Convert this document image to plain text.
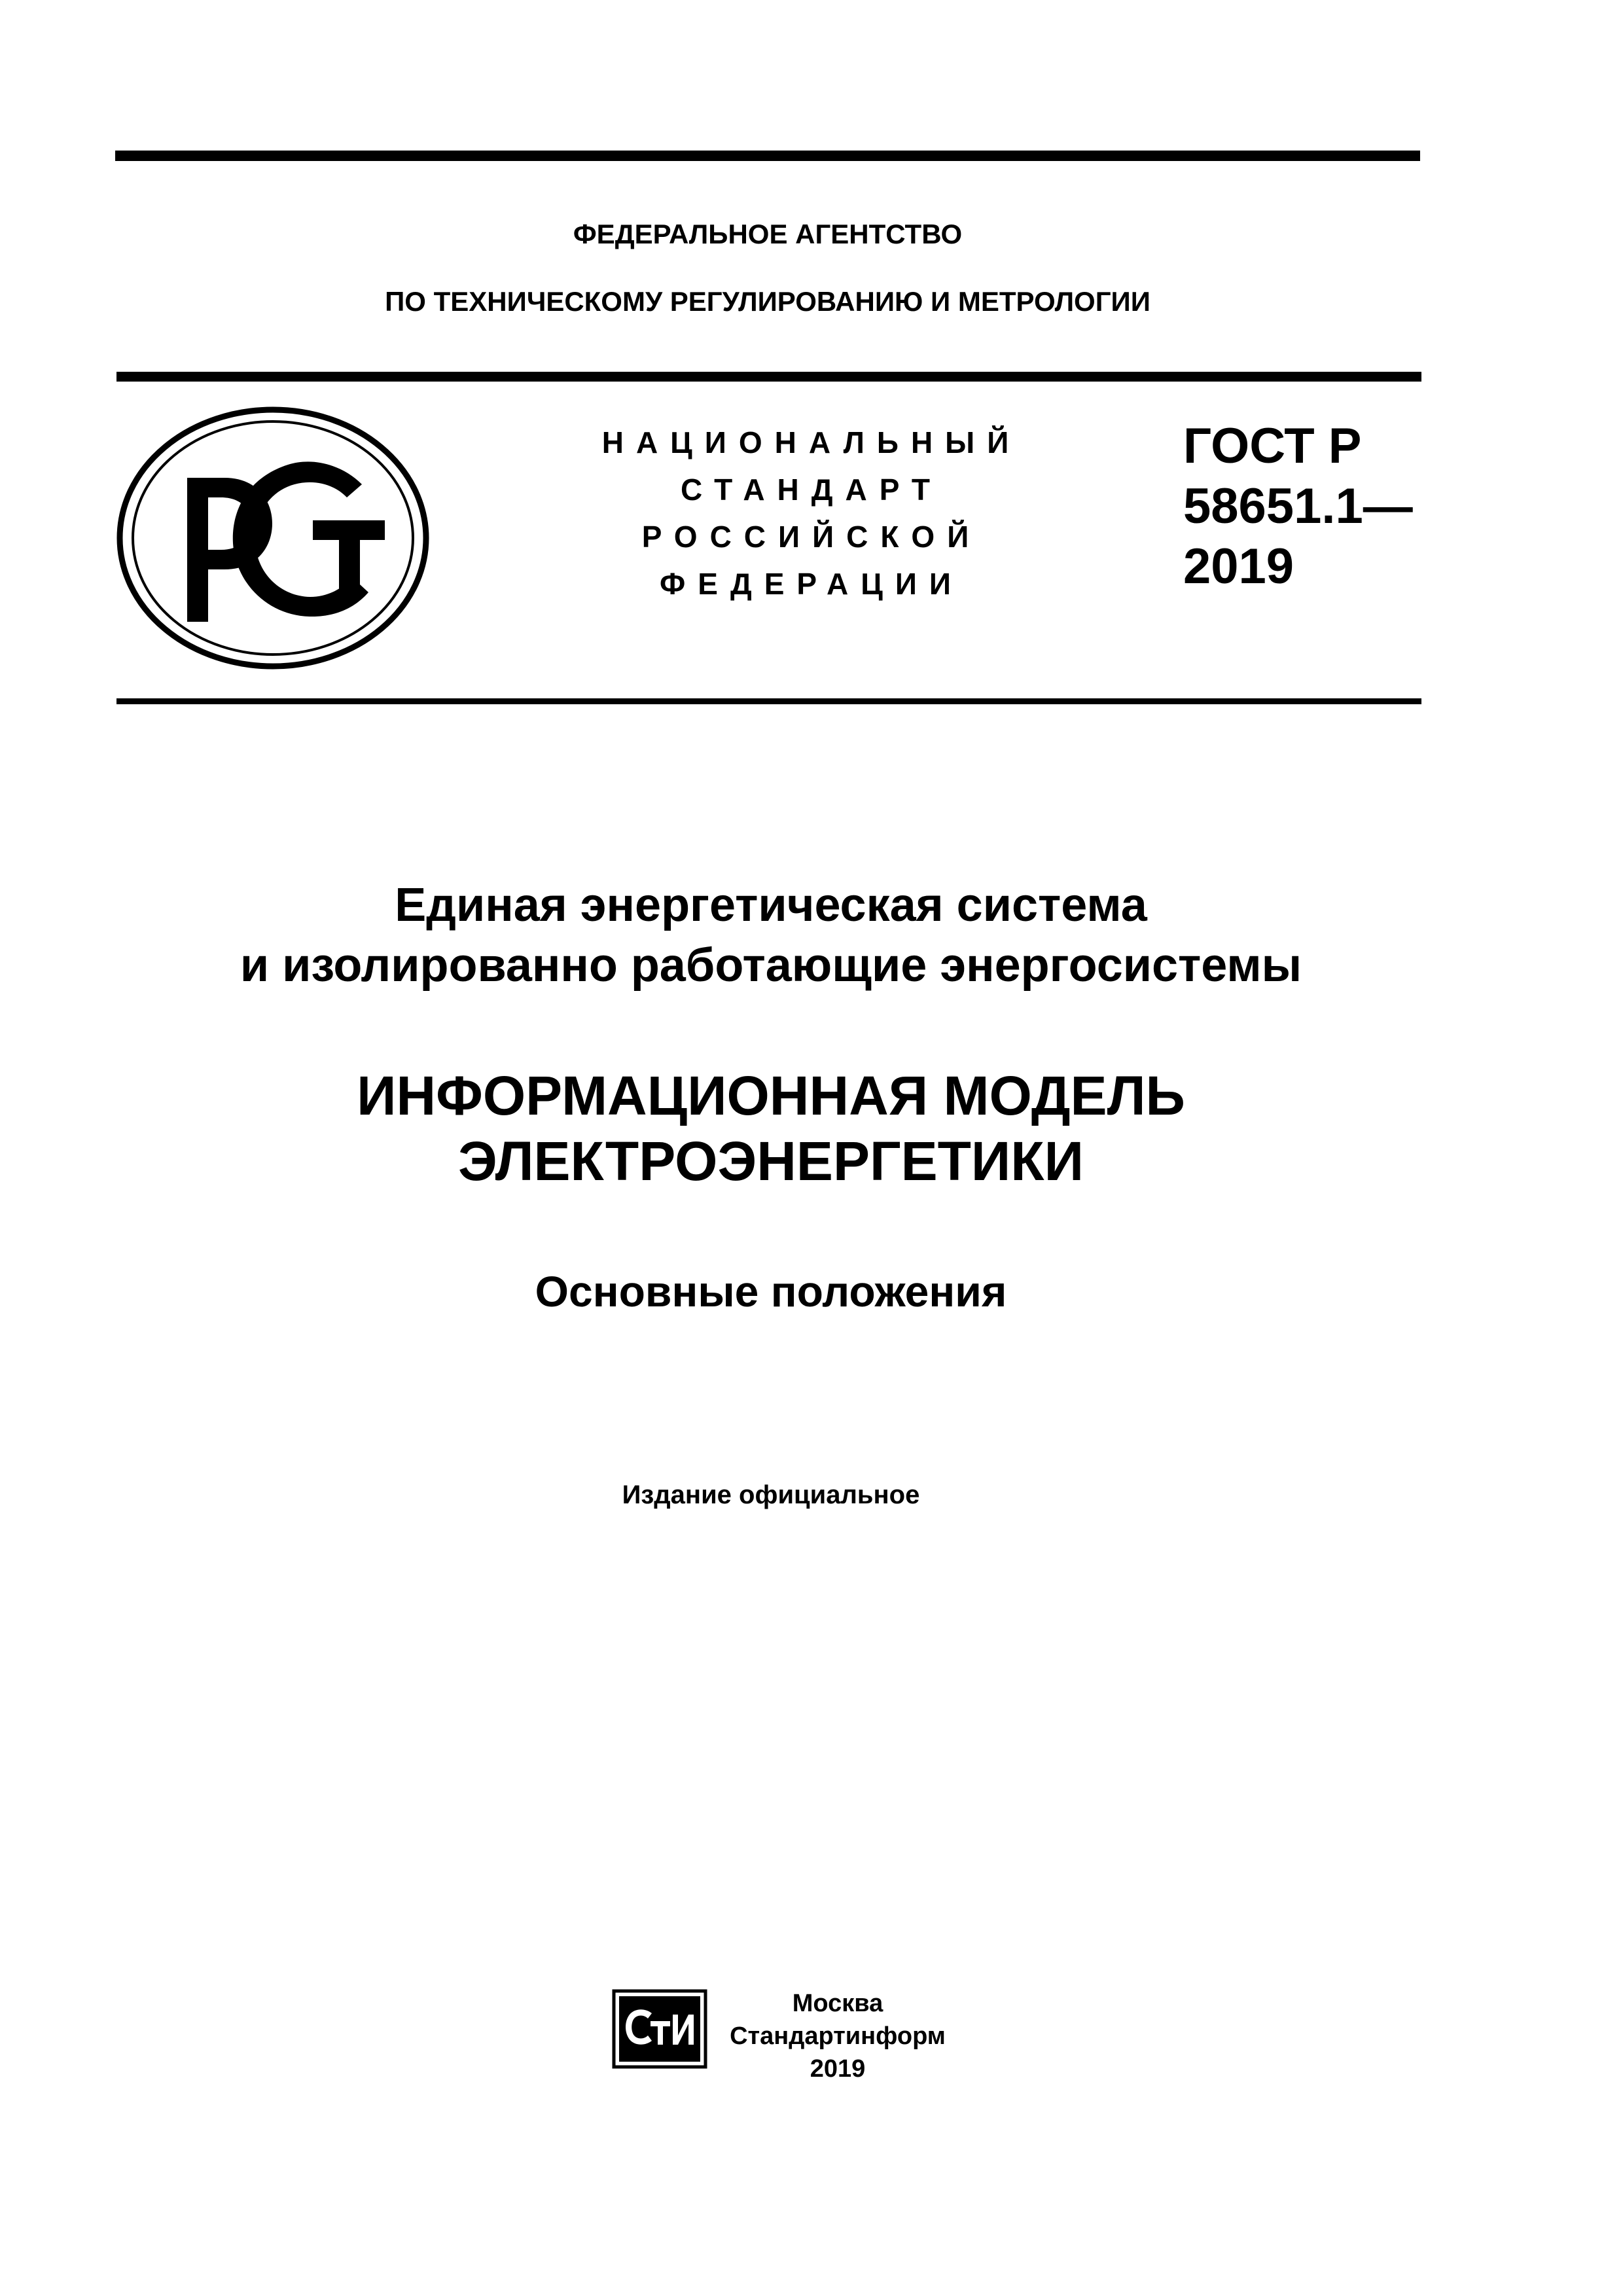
ФЕДЕРАЛЬНОЕ АГЕНТСТВО
ПО ТЕХНИЧЕСКОМУ РЕГУЛИРОВАНИЮ И МЕТРОЛОГИИ
НАЦИОНАЛЬНЫЙ
СТАНДАРТ
РОССИЙСКОЙ
ФЕДЕРАЦИИ
ГОСТ Р
58651.1—
2019
Единая энергетическая система
и изолированно работающие энергосистемы
ИНФОРМАЦИОННАЯ МОДЕЛЬ
ЭЛЕКТРОЭНЕРГЕТИКИ
Основные положения
Издание официальное
Москва
Стандартинформ
2019
